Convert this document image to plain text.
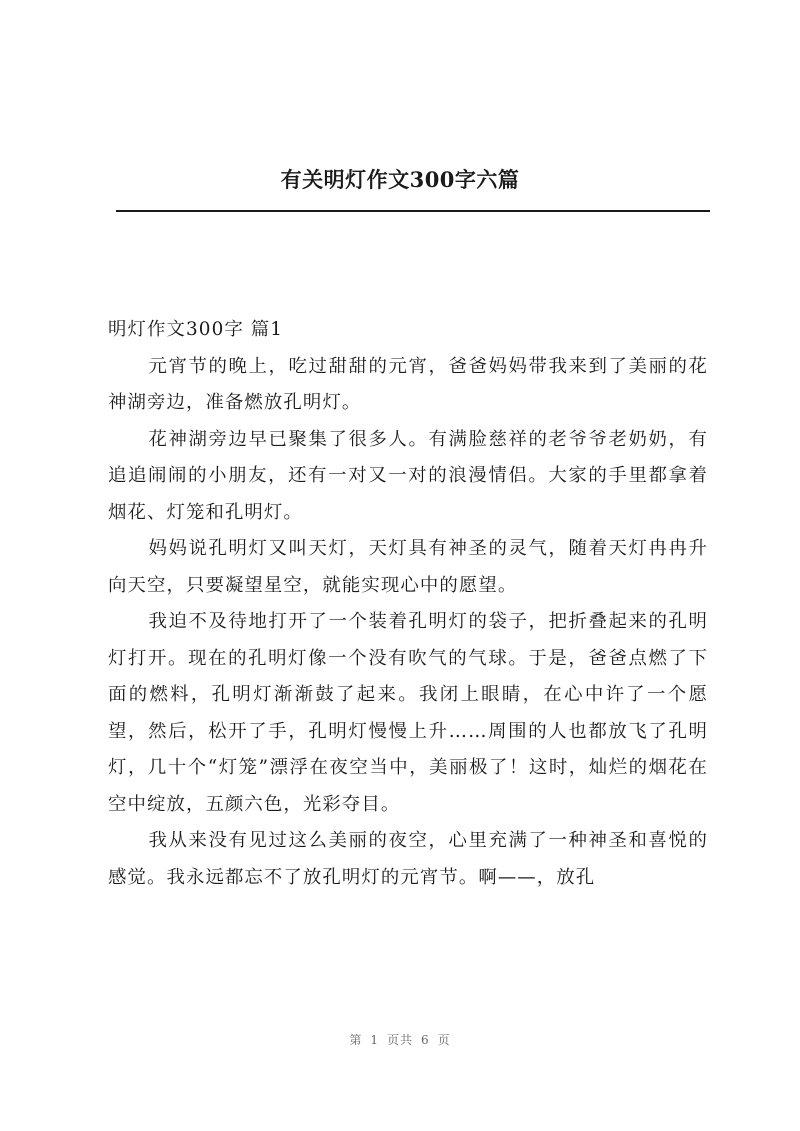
有关明灯作文300字六篇
明灯作文300字 篇1

元宵节的晚上，吃过甜甜的元宵，爸爸妈妈带我来到了美丽的花神湖旁边，准备燃放孔明灯。

花神湖旁边早已聚集了很多人。有满脸慈祥的老爷爷老奶奶，有追追闹闹的小朋友，还有一对又一对的浪漫情侣。大家的手里都拿着烟花、灯笼和孔明灯。

妈妈说孔明灯又叫天灯，天灯具有神圣的灵气，随着天灯冉冉升向天空，只要凝望星空，就能实现心中的愿望。

我迫不及待地打开了一个装着孔明灯的袋子，把折叠起来的孔明灯打开。现在的孔明灯像一个没有吹气的气球。于是，爸爸点燃了下面的燃料，孔明灯渐渐鼓了起来。我闭上眼睛，在心中许了一个愿望，然后，松开了手，孔明灯慢慢上升……周围的人也都放飞了孔明灯，几十个“灯笼”漂浮在夜空当中，美丽极了！这时，灿烂的烟花在空中绽放，五颜六色，光彩夺目。

我从来没有见过这么美丽的夜空，心里充满了一种神圣和喜悦的感觉。我永远都忘不了放孔明灯的元宵节。啊——，放孔

第 1 页共 6 页
